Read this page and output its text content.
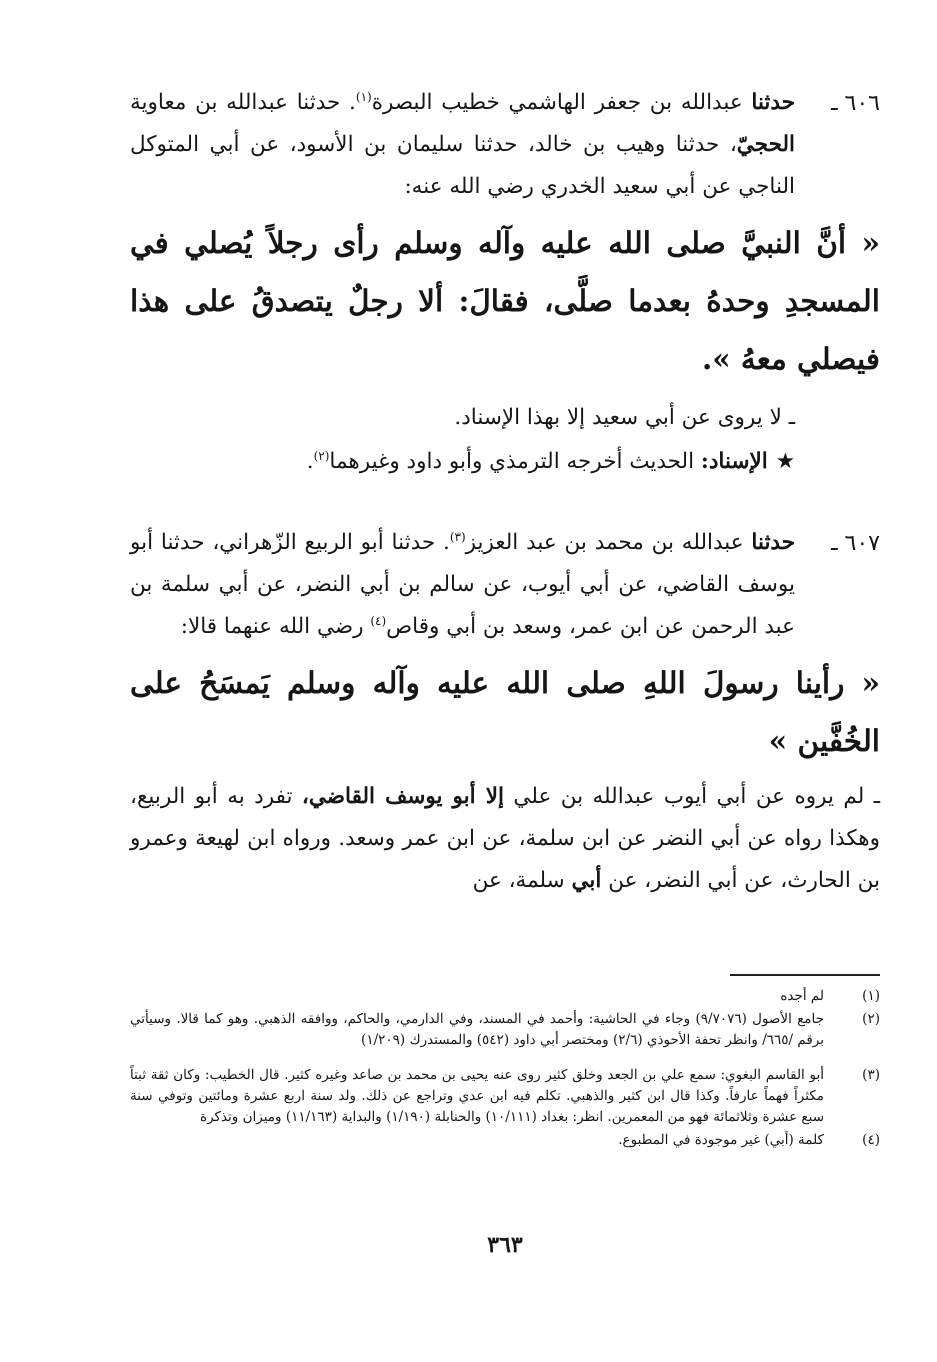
٦٠٦ ـ
حدثنا عبدالله بن جعفر الهاشمي خطيب البصرة$^{(١)}$. حدثنا عبدالله بن معاوية الحجيّ، حدثنا وهيب بن خالد، حدثنا سليمان بن الأسود، عن أبي المتوكل الناجي عن أبي سعيد الخدري رضي الله عنه:
« أنَّ النبيَّ صلى الله عليه وآله وسلم رأى رجلاً يُصلي في المسجدِ وحدهُ بعدما صلَّى، فقالَ: ألا رجلٌ يتصدقُ على هذا فيصلي معهُ ».
ـ لا يروى عن أبي سعيد إلا بهذا الإسناد.
★الإسناد: الحديث أخرجه الترمذي وأبو داود وغيرهما$^{(٢)}$.
٦٠٧ ـ
حدثنا عبدالله بن محمد بن عبد العزيز$^{(٣)}$. حدثنا أبو الربيع الزّهراني، حدثنا أبو يوسف القاضي، عن أبي أيوب، عن سالم بن أبي النضر، عن أبي سلمة بن عبد الرحمن عن ابن عمر، وسعد بن أبي وقاص$^{(٤)}$ رضي الله عنهما قالا:
« رأينا رسولَ اللهِ صلى الله عليه وآله وسلم يَمسَحُ على الخُفَّين »
ـ لم يروه عن أبي أيوب عبدالله بن علي إلا أبو يوسف القاضي، تفرد به أبو الربيع، وهكذا رواه عن أبي النضر عن ابن سلمة، عن ابن عمر وسعد. ورواه ابن لهيعة وعمرو بن الحارث، عن أبي النضر، عن أبي سلمة، عن
(١)
لم أجده
(٢)
جامع الأصول (٩/٧٠٧٦) وجاء في الحاشية: وأحمد في المسند، وفي الدارمي، والحاكم، ووافقه الذهبي. وهو كما قالا. وسيأتي برقم /٦٦٥/ وانظر تحفة الأحوذي (٢/٦) ومختصر أبي داود (٥٤٢) والمستدرك (١/٢٠٩)
(٣)
أبو القاسم البغوي: سمع علي بن الجعد وخلق كثير روى عنه يحيى بن محمد بن صاعد وغيره كثير. قال الخطيب: وكان ثقة ثبتاً مكثراً فهماً عارفاً. وكذا قال ابن كثير والذهبي. تكلم فيه ابن عدي وتراجع عن ذلك. ولد سنة اربع عشرة ومائتين وتوفي سنة سبع عشرة وثلاثمائة فهو من المعمرين. انظر: بغداد (١٠/١١١) والحنابلة (١/١٩٠) والبداية (١١/١٦٣) وميزان وتذكرة
(٤)
كلمة (أبي) غير موجودة في المطبوع.
٣٦٣
